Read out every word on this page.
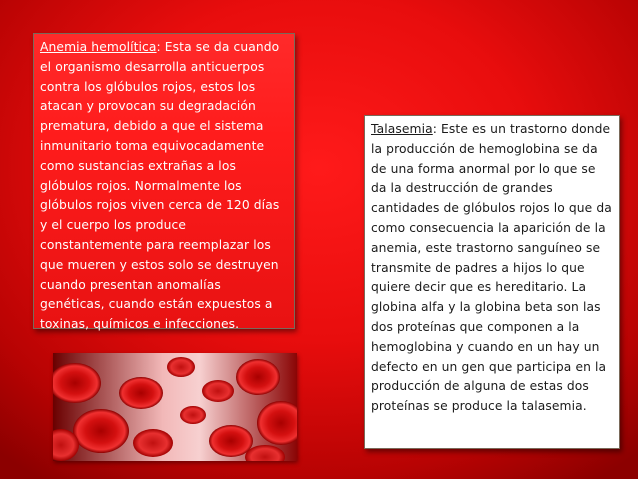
Anemia hemolítica: Esta se da cuando el organismo desarrolla anticuerpos contra los glóbulos rojos, estos los atacan y provocan su degradación prematura, debido a que el sistema inmunitario toma equivocadamente como sustancias extrañas a los glóbulos rojos. Normalmente los glóbulos rojos viven cerca de 120 días y el cuerpo los produce constantemente para reemplazar los que mueren y estos solo se destruyen cuando presentan anomalías genéticas, cuando están expuestos a toxinas, químicos e infecciones.

Talasemia: Este es un trastorno donde la producción de hemoglobina se da de una forma anormal por lo que se da la destrucción de grandes cantidades de glóbulos rojos lo que da como consecuencia la aparición de la anemia, este trastorno sanguíneo se transmite de padres a hijos lo que quiere decir que es hereditario. La globina alfa y la globina beta son las dos proteínas que componen a la hemoglobina y cuando en un hay un defecto en un gen que participa en la producción de alguna de estas dos proteínas se produce la talasemia.
